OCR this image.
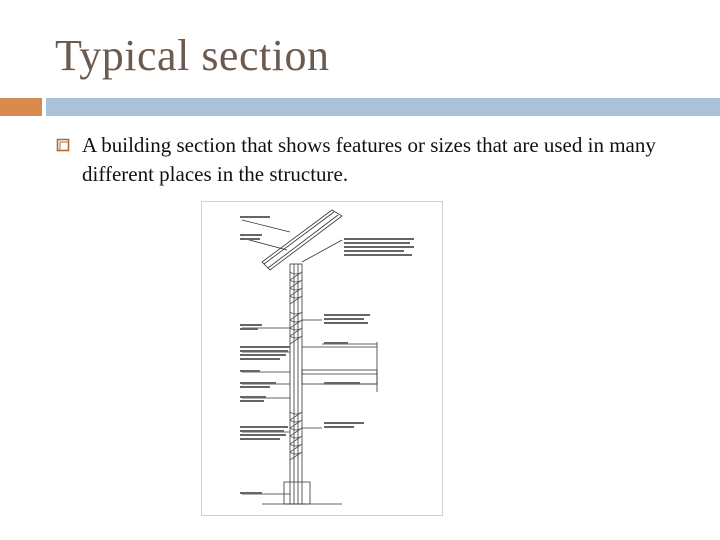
Typical section
A building section that shows features or sizes that are used in many different places in the structure.
